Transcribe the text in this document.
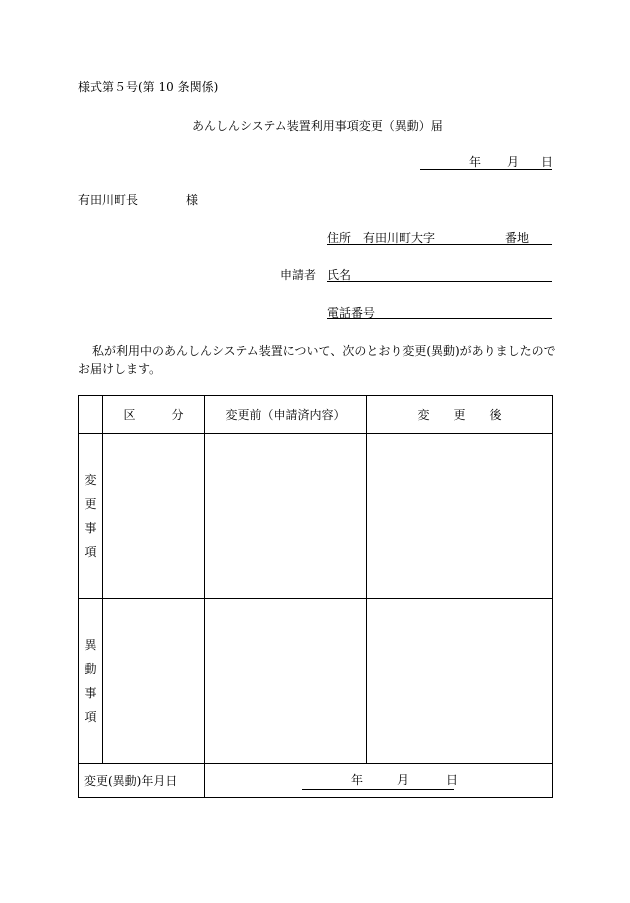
様式第５号(第 10 条関係)
あんしんシステム装置利用事項変更（異動）届
年 月 日
有田川町長	様
住所 有田川町大字	番地
申請者 氏名
電話番号
私が利用中のあんしんシステム装置について、次のとおり変更(異動)がありましたので
お届けします。
	区　　　分	変更前（申請済内容）	変　　更　　後

変
更
事
項			

異
動
事
項			

変更(異動)年月日		年 月 日	
